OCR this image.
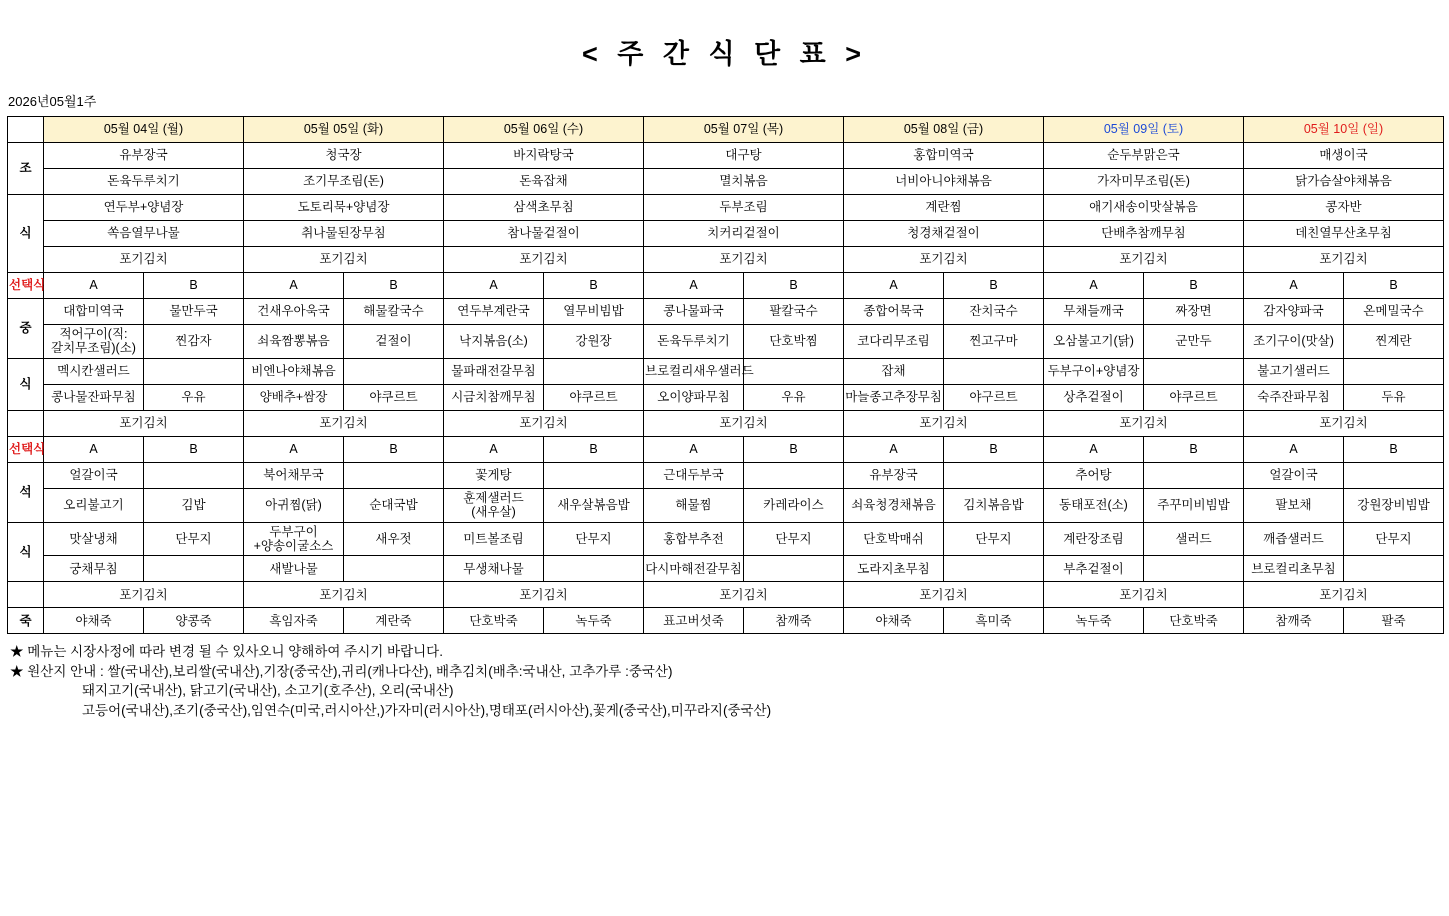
< 주 간 식 단 표 >
2026년05월1주
	05월 04일 (월)		05월 05일 (화)		05월 06일 (수)		05월 07일 (목)		05월 08일 (금)		05월 09일 (토)		05월 10일 (일)	
조	유부장국		청국장		바지락탕국		대구탕		홍합미역국		순두부맑은국		매생이국	
	돈육두루치기		조기무조림(돈)		돈육잡채		멸치볶음		너비아니야채볶음		가자미무조림(돈)		닭가슴살야채볶음	
식	연두부+양념장		도토리묵+양념장		삼색초무침		두부조림		계란찜		애기새송이맛살볶음		콩자반	
	쏙음열무나물		취나물된장무침		참나물겉절이		치커리겉절이		청경채겉절이		단배추참깨무침		데친열무산초무침	
	포기김치		포기김치		포기김치		포기김치		포기김치		포기김치		포기김치	
선택식	A	B	A	B	A	B	A	B	A	B	A	B	A	B
중	대합미역국	물만두국	건새우아욱국	해물칼국수	연두부계란국	열무비빔밥	콩나물파국	팔칼국수	종합어묵국	잔치국수	무채들깨국	짜장면	감자양파국	온메밀국수
	적어구이(직:갈치무조림)(소)	찐감자	쇠육짬뽕볶음	겉절이	낙지볶음(소)	강원장	돈육두루치기	단호박찜	코다리무조림	찐고구마	오삼불고기(닭)	군만두	조기구이(맛살)	찐계란
식	멕시칸샐러드		비엔나야채볶음		물파래전갈무침		브로컬리새우샐러드		잡채		두부구이+양념장		불고기샐러드	
	콩나물잔파무침	우유	양배추+쌈장	야쿠르트	시금치참깨무침	야쿠르트	오이양파무침	우유	마늘종고추장무침	야구르트	상추겉절이	야쿠르트	숙주잔파무침	두유
	포기김치		포기김치		포기김치		포기김치		포기김치		포기김치		포기김치	
선택식	A	B	A	B	A	B	A	B	A	B	A	B	A	B
석	얼갈이국		북어채무국		꽃게탕		근대두부국		유부장국		추어탕		얼갈이국	
	오리불고기	김밥	아귀찜(닭)	순대국밥	훈제샐러드(새우살)	새우살볶음밥	해물찜	카레라이스	쇠육청경채볶음	김치볶음밥	동태포전(소)	주꾸미비빔밥	팔보채	강원장비빔밥
식	맛살냉채	단무지	두부구이+양송이굴소스	새우젓	미트볼조림	단무지	홍합부추전	단무지	단호박매쉬	단무지	계란장조림	샐러드	깨즙샐러드	단무지
	궁채무침		새발나물		무생채나물		다시마해전갈무침		도라지초무침		부추겉절이		브로컬리초무침	
	포기김치		포기김치		포기김치		포기김치		포기김치		포기김치		포기김치	
죽	야채죽	양콩죽	흑임자죽	계란죽	단호박죽	녹두죽	표고버섯죽	참깨죽	야채죽	흑미죽	녹두죽	단호박죽	참깨죽	팔죽
★ 메뉴는 시장사정에 따라 변경 될 수 있사오니 양해하여 주시기 바랍니다.
★ 원산지 안내 : 쌀(국내산),보리쌀(국내산),기장(중국산),귀리(캐나다산), 배추김치(배추:국내산, 고추가루 :중국산)
돼지고기(국내산), 닭고기(국내산), 소고기(호주산), 오리(국내산)
고등어(국내산),조기(중국산),임연수(미국,러시아산,)가자미(러시아산),명태포(러시아산),꽃게(중국산),미꾸라지(중국산)
